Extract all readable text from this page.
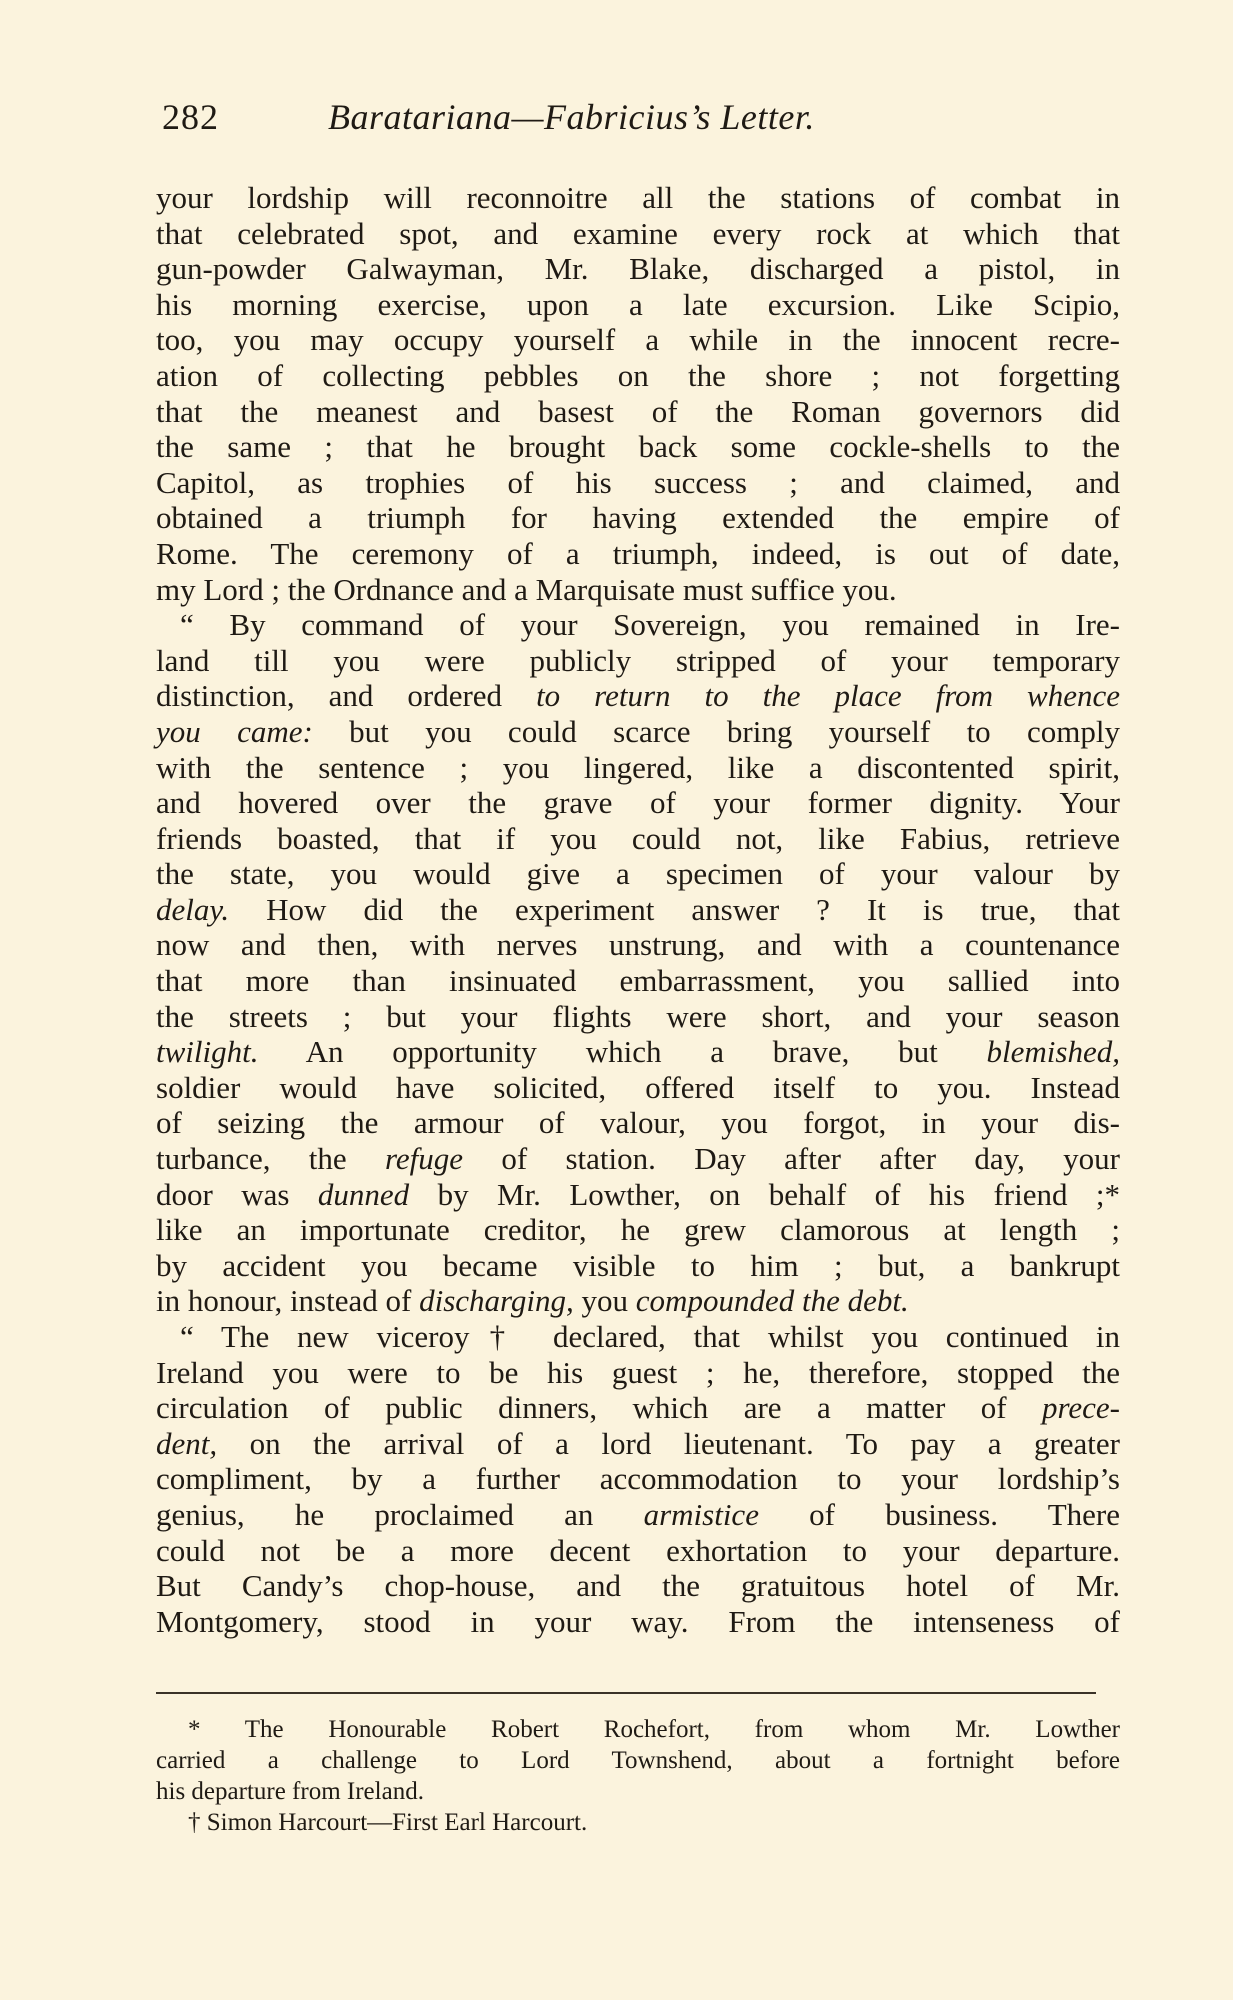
282	Baratariana—Fabricius’s Letter.
your lordship will reconnoitre all the stations of combat in
that celebrated spot, and examine every rock at which that
gun-powder Galwayman, Mr. Blake, discharged a pistol, in
his morning exercise, upon a late excursion. Like Scipio,
too, you may occupy yourself a while in the innocent recre-
ation of collecting pebbles on the shore ; not forgetting
that the meanest and basest of the Roman governors did
the same ; that he brought back some cockle-shells to the
Capitol, as trophies of his success ; and claimed, and
obtained a triumph for having extended the empire of
Rome. The ceremony of a triumph, indeed, is out of date,
my Lord ; the Ordnance and a Marquisate must suffice you.
“ By command of your Sovereign, you remained in Ire-
land till you were publicly stripped of your temporary
distinction, and ordered to return to the place from whence
you came: but you could scarce bring yourself to comply
with the sentence ; you lingered, like a discontented spirit,
and hovered over the grave of your former dignity. Your
friends boasted, that if you could not, like Fabius, retrieve
the state, you would give a specimen of your valour by
delay. How did the experiment answer ? It is true, that
now and then, with nerves unstrung, and with a countenance
that more than insinuated embarrassment, you sallied into
the streets ; but your flights were short, and your season
twilight. An opportunity which a brave, but blemished,
soldier would have solicited, offered itself to you. Instead
of seizing the armour of valour, you forgot, in your dis-
turbance, the refuge of station. Day after after day, your
door was dunned by Mr. Lowther, on behalf of his friend ;*
like an importunate creditor, he grew clamorous at length ;
by accident you became visible to him ; but, a bankrupt
in honour, instead of discharging, you compounded the debt.
“ The new viceroy† declared, that whilst you continued in
Ireland you were to be his guest ; he, therefore, stopped the
circulation of public dinners, which are a matter of prece-
dent, on the arrival of a lord lieutenant. To pay a greater
compliment, by a further accommodation to your lordship’s
genius, he proclaimed an armistice of business. There
could not be a more decent exhortation to your departure.
But Candy’s chop-house, and the gratuitous hotel of Mr.
Montgomery, stood in your way. From the intenseness of
* The Honourable Robert Rochefort, from whom Mr. Lowther
carried a challenge to Lord Townshend, about a fortnight before
his departure from Ireland.
† Simon Harcourt—First Earl Harcourt.
